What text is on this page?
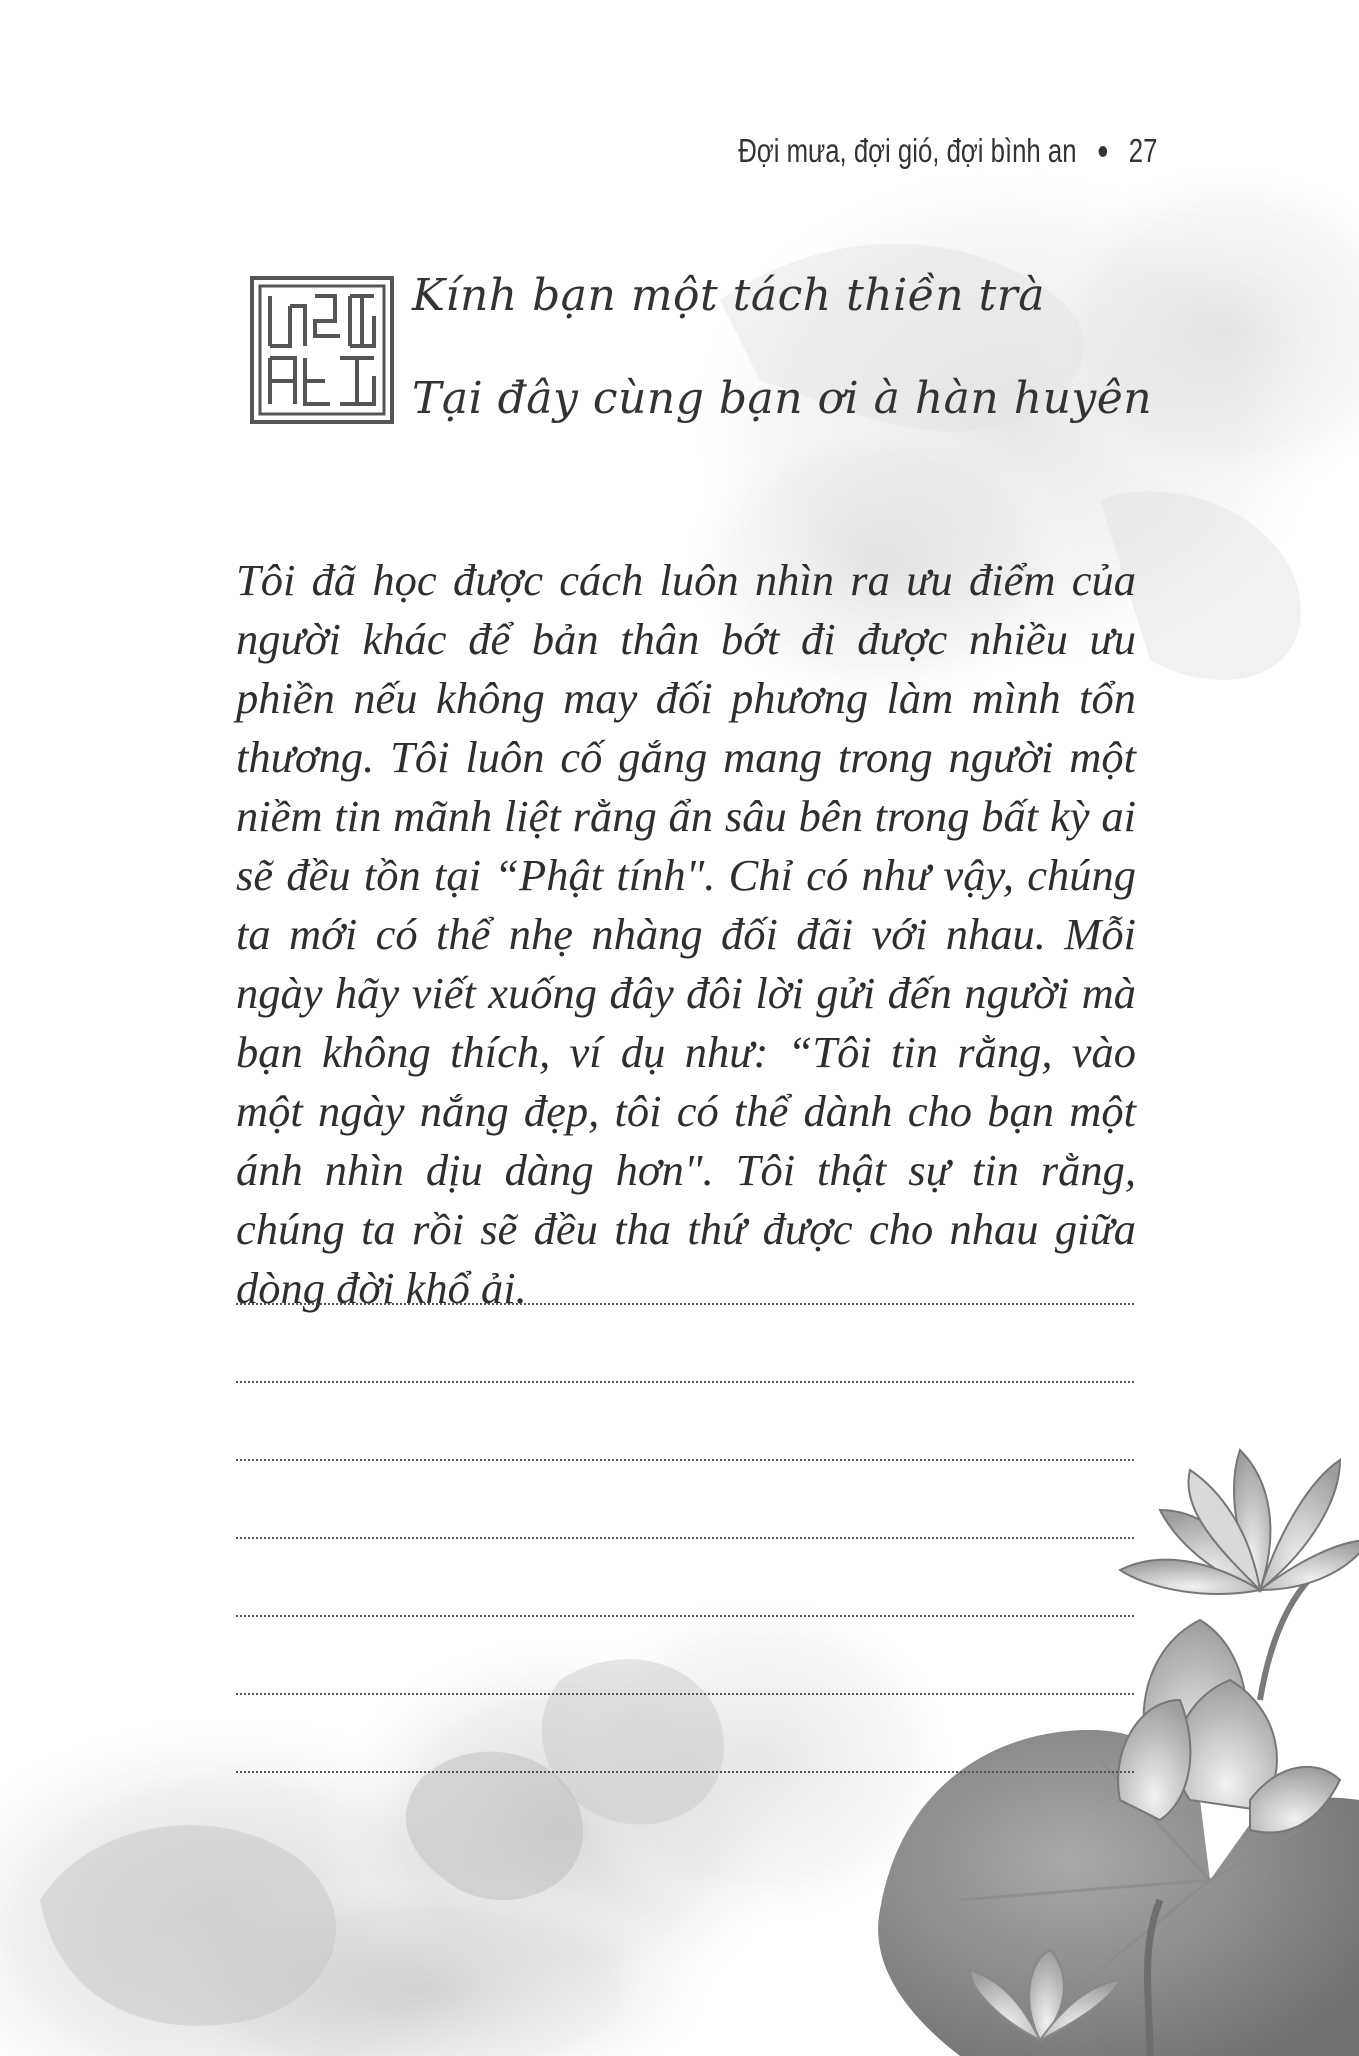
Đợi mưa, đợi gió, đợi bình an 27
Kính bạn một tách thiền trà
Tại đây cùng bạn ơi à hàn huyên

Tôi đã học được cách luôn nhìn ra ưu điểm của người khác để bản thân bớt đi được nhiều ưu phiền nếu không may đối phương làm mình tổn thương. Tôi luôn cố gắng mang trong người một niềm tin mãnh liệt rằng ẩn sâu bên trong bất kỳ ai sẽ đều tồn tại “Phật tính". Chỉ có như vậy, chúng ta mới có thể nhẹ nhàng đối đãi với nhau. Mỗi ngày hãy viết xuống đây đôi lời gửi đến người mà bạn không thích, ví dụ như: “Tôi tin rằng, vào một ngày nắng đẹp, tôi có thể dành cho bạn một ánh nhìn dịu dàng hơn". Tôi thật sự tin rằng, chúng ta rồi sẽ đều tha thứ được cho nhau giữa dòng đời khổ ải.
